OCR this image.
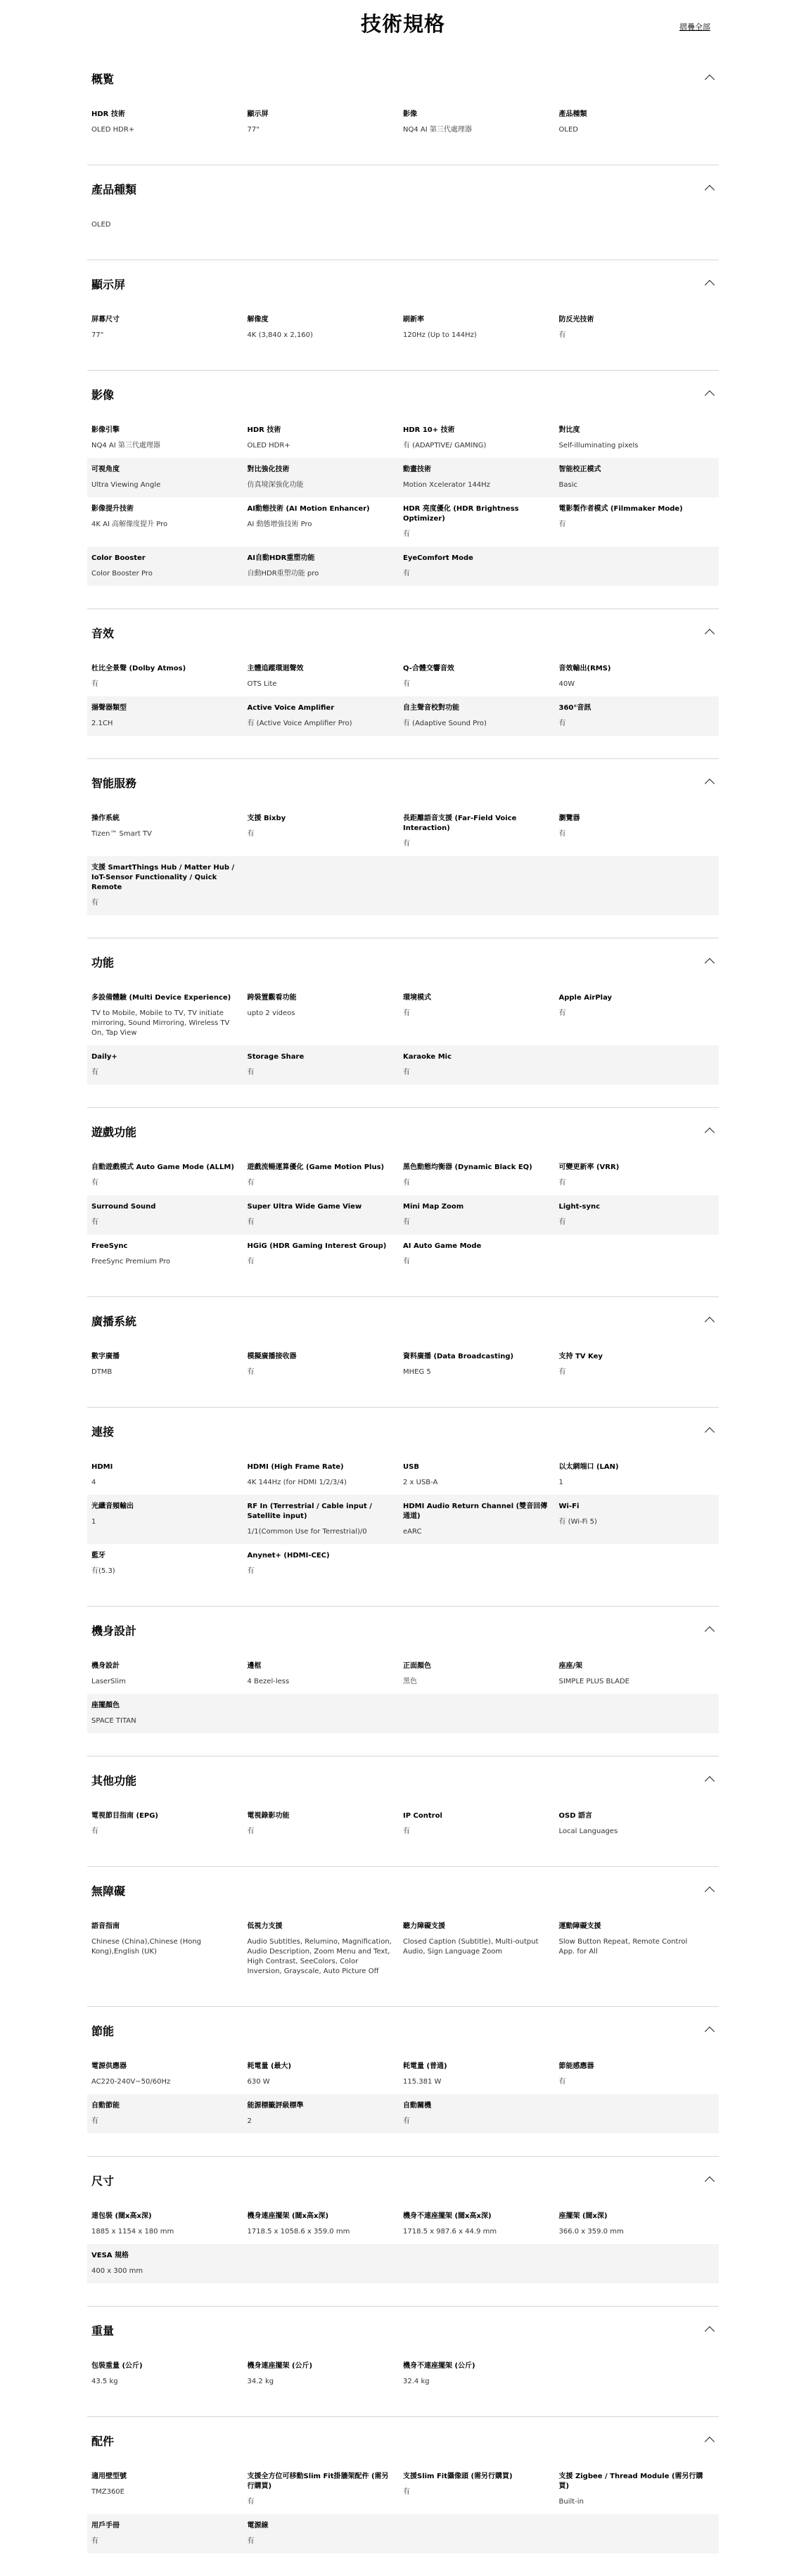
技術規格	摺疊全部
概覧
HDR 技術
OLED HDR+
顯示屏
77"
影像
NQ4 AI 第三代處理器
產品種類
OLED
產品種類
OLED
顯示屏
屏幕尺寸
77"
解像度
4K (3,840 x 2,160)
刷新率
120Hz (Up to 144Hz)
防反光技術
有
影像
影像引擎
NQ4 AI 第三代處理器
HDR 技術
OLED HDR+
HDR 10+ 技術
有 (ADAPTIVE/ GAMING)
對比度
Self-illuminating pixels
可視角度
Ultra Viewing Angle
對比強化技術
仿真境深強化功能
動畫技術
Motion Xcelerator 144Hz
智能校正模式
Basic
影像提升技術
4K AI 高解像度提升 Pro
AI動態技術 (AI Motion Enhancer)
AI 動態增強技術 Pro
HDR 亮度優化 (HDR Brightness Optimizer)
有
電影製作者模式 (Filmmaker Mode)
有
Color Booster
Color Booster Pro
AI自動HDR重塑功能
自動HDR重塑功能 pro
EyeComfort Mode
有
音效
杜比全景聲 (Dolby Atmos)
有
主體追蹤環迴聲效
OTS Lite
Q-合體交響音效
有
音效輸出(RMS)
40W
揚聲器類型
2.1CH
Active Voice Amplifier
有 (Active Voice Amplifier Pro)
自主聲音校對功能
有 (Adaptive Sound Pro)
360°音訊
有
智能服務
操作系統
Tizen™ Smart TV
支援 Bixby
有
長距離語音支援 (Far-Field Voice Interaction)
有
瀏覽器
有
支援 SmartThings Hub / Matter Hub / IoT-Sensor Functionality / Quick Remote
有
功能
多設備體驗 (Multi Device Experience)
TV to Mobile, Mobile to TV, TV initiate mirroring, Sound Mirroring, Wireless TV On, Tap View
跨裝置觀看功能
upto 2 videos
環境模式
有
Apple AirPlay
有
Daily+
有
Storage Share
有
Karaoke Mic
有
遊戲功能
自動遊戲模式 Auto Game Mode (ALLM)
有
遊戲流暢運算優化 (Game Motion Plus)
有
黑色動態均衡器 (Dynamic Black EQ)
有
可變更新率 (VRR)
有
Surround Sound
有
Super Ultra Wide Game View
有
Mini Map Zoom
有
Light-sync
有
FreeSync
FreeSync Premium Pro
HGiG (HDR Gaming Interest Group)
有
AI Auto Game Mode
有
廣播系統
數字廣播
DTMB
模擬廣播接收器
有
資料廣播 (Data Broadcasting)
MHEG 5
支持 TV Key
有
連接
HDMI
4
HDMI (High Frame Rate)
4K 144Hz (for HDMI 1/2/3/4)
USB
2 x USB-A
以太網端口 (LAN)
1
光纖音頻輸出
1
RF In (Terrestrial / Cable input / Satellite input)
1/1(Common Use for Terrestrial)/0
HDMI Audio Return Channel (雙音回傳通道)
eARC
Wi-Fi
有 (Wi-Fi 5)
藍牙
有(5.3)
Anynet+ (HDMI-CEC)
有
機身設計
機身設計
LaserSlim
邊框
4 Bezel-less
正面顏色
黑色
座座/架
SIMPLE PLUS BLADE
座擺顏色
SPACE TITAN
其他功能
電視節目指南 (EPG)
有
電視錄影功能
有
IP Control
有
OSD 語言
Local Languages
無障礙
語音指南
Chinese (China),Chinese (Hong Kong),English (UK)
低視力支援
Audio Subtitles, Relumino, Magnification, Audio Description, Zoom Menu and Text, High Contrast, SeeColors, Color Inversion, Grayscale, Auto Picture Off
聽力障礙支援
Closed Caption (Subtitle), Multi-output Audio, Sign Language Zoom
運動障礙支援
Slow Button Repeat, Remote Control App. for All
節能
電源供應器
AC220-240V~50/60Hz
耗電量 (最大)
630 W
耗電量 (普通)
115.381 W
節能感應器
有
自動節能
有
能源標籤評級標準
2
自動關機
有
尺寸
連包裝 (闊x高x深)
1885 x 1154 x 180 mm
機身連座擺架 (闊x高x深)
1718.5 x 1058.6 x 359.0 mm
機身不連座擺架 (闊x高x深)
1718.5 x 987.6 x 44.9 mm
座擺架 (闊x深)
366.0 x 359.0 mm
VESA 規格
400 x 300 mm
重量
包裝重量 (公斤)
43.5 kg
機身連座擺架 (公斤)
34.2 kg
機身不連座擺架 (公斤)
32.4 kg
配件
適用壁型號
TMZ360E
支援全方位可移動Slim Fit掛牆架配件 (需另行購買)
有
支援Slim Fit攝像頭 (需另行購買)
有
支援 Zigbee / Thread Module (需另行購買)
Built-in
用戶手冊
有
電源線
有
